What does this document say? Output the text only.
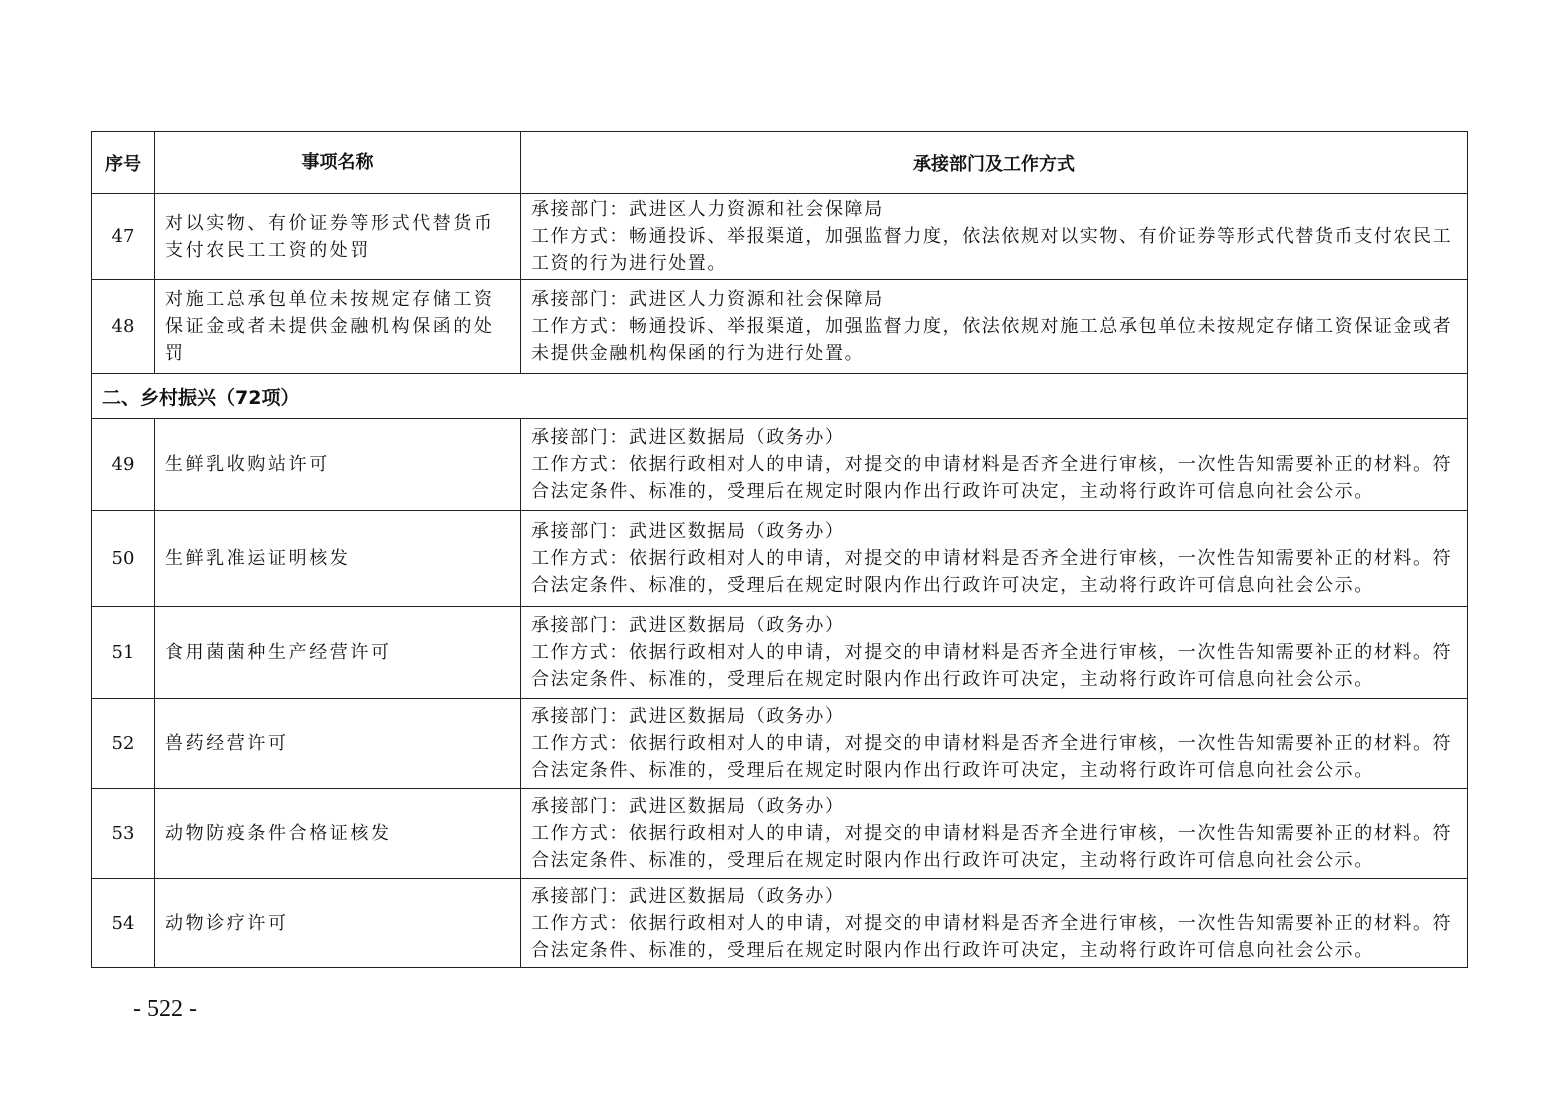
序号	事项名称	承接部门及工作方式
47	对以实物、有价证券等形式代替货币支付农民工工资的处罚	承接部门：武进区人力资源和社会保障局
工作方式：畅通投诉、举报渠道，加强监督力度，依法依规对以实物、有价证券等形式代替货币支付农民工工资的行为进行处置。

48	对施工总承包单位未按规定存储工资保证金或者未提供金融机构保函的处罚	承接部门：武进区人力资源和社会保障局
工作方式：畅通投诉、举报渠道，加强监督力度，依法依规对施工总承包单位未按规定存储工资保证金或者未提供金融机构保函的行为进行处置。

二、乡村振兴（72项）		
49	生鲜乳收购站许可	承接部门：武进区数据局（政务办）
工作方式：依据行政相对人的申请，对提交的申请材料是否齐全进行审核，一次性告知需要补正的材料。符合法定条件、标准的，受理后在规定时限内作出行政许可决定，主动将行政许可信息向社会公示。

50	生鲜乳准运证明核发	承接部门：武进区数据局（政务办）
工作方式：依据行政相对人的申请，对提交的申请材料是否齐全进行审核，一次性告知需要补正的材料。符合法定条件、标准的，受理后在规定时限内作出行政许可决定，主动将行政许可信息向社会公示。

51	食用菌菌种生产经营许可	承接部门：武进区数据局（政务办）
工作方式：依据行政相对人的申请，对提交的申请材料是否齐全进行审核，一次性告知需要补正的材料。符合法定条件、标准的，受理后在规定时限内作出行政许可决定，主动将行政许可信息向社会公示。

52	兽药经营许可	承接部门：武进区数据局（政务办）
工作方式：依据行政相对人的申请，对提交的申请材料是否齐全进行审核，一次性告知需要补正的材料。符合法定条件、标准的，受理后在规定时限内作出行政许可决定，主动将行政许可信息向社会公示。

53	动物防疫条件合格证核发	承接部门：武进区数据局（政务办）
工作方式：依据行政相对人的申请，对提交的申请材料是否齐全进行审核，一次性告知需要补正的材料。符合法定条件、标准的，受理后在规定时限内作出行政许可决定，主动将行政许可信息向社会公示。

54	动物诊疗许可	承接部门：武进区数据局（政务办）
工作方式：依据行政相对人的申请，对提交的申请材料是否齐全进行审核，一次性告知需要补正的材料。符合法定条件、标准的，受理后在规定时限内作出行政许可决定，主动将行政许可信息向社会公示。
- 522 -
